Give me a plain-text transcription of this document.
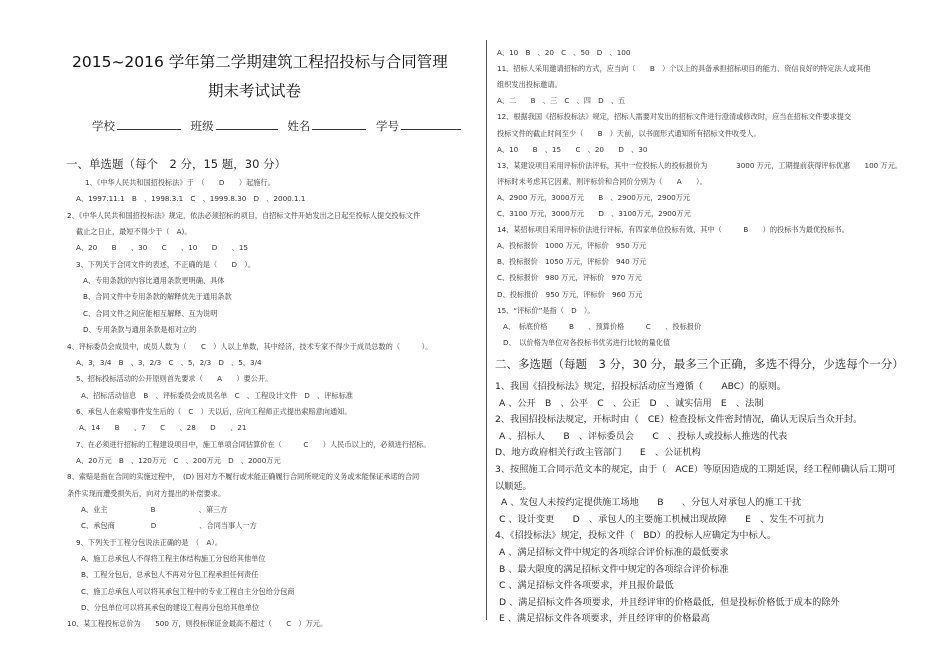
2015~2016 学年第二学期建筑工程招投标与合同管理
期末考试试卷
学校	班级	姓名	学号
一、单选题（每个　2 分，15 题，30 分）
1、《中华人民共和国招投标法》于　（　　D　　）起施行。
A、1997.11.1　B　、1998.3.1　C　、1999.8.30　D　、2000.1.1
2、《中华人民共和国招投标法》规定，依法必须招标的项目，自招标文件开始发出之日起至投标人提交投标文件
截止之日止，最短不得少于（　A)。
A、20　　B　　、30　　C　　、10　　D　　、15
3、下列关于合同文件的表述，不正确的是（　　D　）。
A、专用条款的内容比通用条款更明确、具体
B、合同文件中专用条款的解释优先于通用条款
C、合同文件之间应能相互解释、互为说明
D、专用条款与通用条款是相对立的
4、评标委员会成员中，成员人数为（　　C　）人以上单数，其中经济，技术专家不得少于成员总数的（　　　）。
A、3，3/4　B　、3，2/3　C　、5，2/3　D　、5，3/4
5、招标投标活动的公开原则首先要求（　　A　　）要公开。
A、招标活动信息　B　、评标委员会成员名单　C　、工程设计文件　D　、评标标准
6、承包人在索赔事件发生后的（　C　）天以后，应向工程师正式提出索赔意向通知。
A、14　　B　　、7　　C　　、28　　D　　、21
7、在必须进行招标的工程建设项目中，施工单项合同估算价在（　　　C　　）人民币以上的，必须进行招标。
A、20万元　B　、120万元　C　、200万元　D　、2000万元
8、索赔是指在合同的实施过程中，　(D) 因对方不履行或未能正确履行合同所规定的义务或未能保证承诺的合同
条件实现而遭受损失后，向对方提出的补偿要求。
A、业主　　　　　　B　　　　　　、第三方
C、承包商　　　　　D　　　　　　、合同当事人一方
9、下列关于工程分包说法正确的是　（　A）。
A、施工总承包人不得将工程主体结构施工分包给其他单位
B、工程分包后，总承包人不再对分包工程承担任何责任
C、施工总承包人可以将其承包工程中的专业工程自主分包给分包商
D、分包单位可以将其承包的建设工程再分包给其他单位
10、某工程投标总价为　　500 万，则投标保证金最高不超过（　　C　）万元。
A、10　B　、20　C　、50　D　、100
11、招标人采用邀请招标的方式，应当向（　　B　）个以上的具备承担招标项目的能力、资信良好的特定法人或其他
组织发出投标邀请。
A、二　　B　、三　C　、四　D　、五
12、根据我国《招标投标法》规定，招标人需要对发出的招标文件进行澄清或修改时，应当在招标文件要求提交
投标文件的截止时间至少（　　B　）天前，以书面形式通知所有招标文件收受人。
A、10　　B　、15　　C　、20　　D　、30
13、某建设项目采用评标价法评标，其中一位投标人的投标报价为　　　　3000 万元，工期提前获得评标优惠　　100 万元。
评标时未考虑其它因素，则评标价和合同价分别为（　　A　　）。
A、2900 万元，3000万元　　B　、2900万元，2900万元
C、3100 万元，3000万元　　D　、3100万元，2900万元
14、某招标项目采用评标价法进行评标，有四家单位投标有效，其中（　　　B　　）的投标书为最优投标书。
A、投标报价　1000 万元，评标价　950 万元
B、投标报价　1050 万元，评标价　940 万元
C、投标报价　980 万元，评标价　970 万元
D、投标报价　950 万元，评标价　960 万元
15、“评标价”是指（　D　）。
A、　标底价格　　　B　　、预算价格　　　C　　、投标报价
D、　以价格为单位对各投标书优劣进行比较的量化值
二、多选题（每题　3 分，30 分，最多三个正确，多选不得分，少选每个一分）
1、我国《招投标法》规定，招投标活动应当遵循（　　ABC）的原则。
A 、公开　B　、公平　C　、公正　D　、诚实信用　E　、法制
2、我国招投标法规定，开标时由（　CE）检查投标文件密封情况，确认无误后当众开封。
A 、招标人　　B　、评标委员会　　C　、投标人或投标人推选的代表
D、地方政府相关行政主管部门　　E　、公证机构
3、按照施工合同示范文本的规定，由于（　ACE）等原因造成的工期延误，经工程师确认后工期可
以顺延。
A 、发包人未按约定提供施工场地　　B　　、分包人对承包人的施工干扰
C 、设计变更　　D　、承包人的主要施工机械出现故障　　E　、发生不可抗力
4、《招投标法》规定，投标文件（　BD）的投标人应确定为中标人。
A 、满足招标文件中规定的各项综合评价标准的最低要求
B 、最大限度的满足招标文件中规定的各项综合评价标准
C 、满足招标文件各项要求，并且报价最低
D 、满足招标文件各项要求，并且经评审的价格最低，但是投标价格低于成本的除外
E 、满足招标文件各项要求，并且经评审的价格最高
